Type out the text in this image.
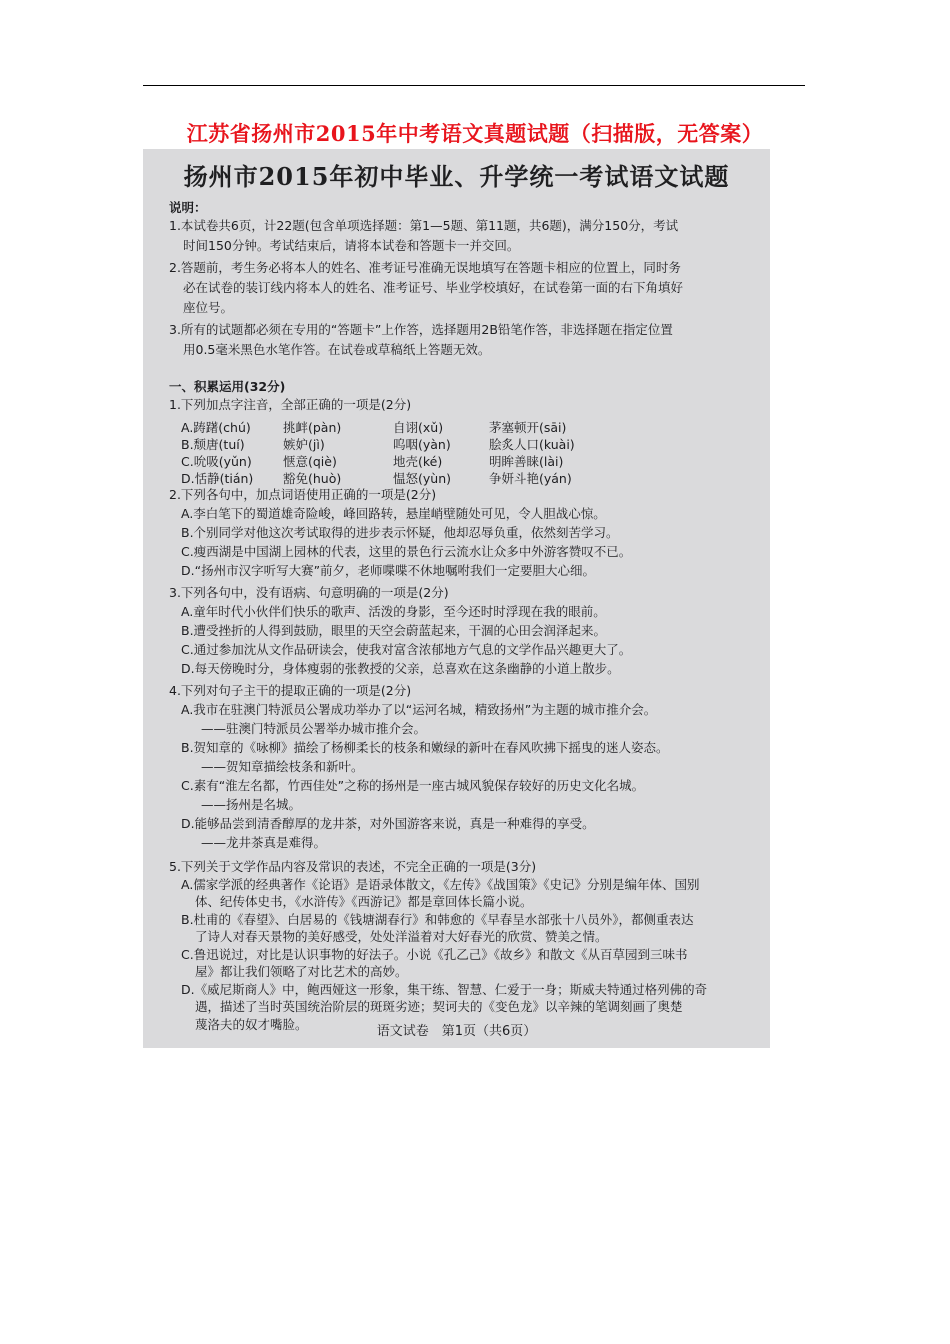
江苏省扬州市2015年中考语文真题试题（扫描版，无答案）
扬州市2015年初中毕业、升学统一考试语文试题
说明：
1.本试卷共6页，计22题(包含单项选择题：第1—5题、第11题，共6题)，满分150分，考试
时间150分钟。考试结束后，请将本试卷和答题卡一并交回。
2.答题前，考生务必将本人的姓名、准考证号准确无误地填写在答题卡相应的位置上，同时务
必在试卷的装订线内将本人的姓名、准考证号、毕业学校填好，在试卷第一面的右下角填好
座位号。
3.所有的试题都必须在专用的“答题卡”上作答，选择题用2B铅笔作答，非选择题在指定位置
用0.5毫米黑色水笔作答。在试卷或草稿纸上答题无效。
一、积累运用(32分)
1.下列加点字注音，全部正确的一项是(2分)
A.踌躇(chú)	挑衅(pàn)	自诩(xǔ)	茅塞顿开(sāi)
B.颓唐(tuí)	嫉妒(jì)	呜咽(yàn)	脍炙人口(kuài)
C.吮吸(yǔn)	惬意(qiè)	地壳(ké)	明眸善睐(lài)
D.恬静(tián) 豁免(huò)	愠怒(yùn)	争妍斗艳(yán)
2.下列各句中，加点词语使用正确的一项是(2分)
A.李白笔下的蜀道雄奇险峻，峰回路转，悬崖峭壁随处可见，令人胆战心惊。
B.个别同学对他这次考试取得的进步表示怀疑，他却忍辱负重，依然刻苦学习。
C.瘦西湖是中国湖上园林的代表，这里的景色行云流水让众多中外游客赞叹不已。
D.“扬州市汉字听写大赛”前夕，老师喋喋不休地嘱咐我们一定要胆大心细。
3.下列各句中，没有语病、句意明确的一项是(2分)
A.童年时代小伙伴们快乐的歌声、活泼的身影，至今还时时浮现在我的眼前。
B.遭受挫折的人得到鼓励，眼里的天空会蔚蓝起来，干涸的心田会润泽起来。
C.通过参加沈从文作品研读会，使我对富含浓郁地方气息的文学作品兴趣更大了。
D.每天傍晚时分，身体瘦弱的张教授的父亲，总喜欢在这条幽静的小道上散步。
4.下列对句子主干的提取正确的一项是(2分)
A.我市在驻澳门特派员公署成功举办了以“运河名城，精致扬州”为主题的城市推介会。
——驻澳门特派员公署举办城市推介会。
B.贺知章的《咏柳》描绘了杨柳柔长的枝条和嫩绿的新叶在春风吹拂下摇曳的迷人姿态。
——贺知章描绘枝条和新叶。
C.素有“淮左名都，竹西佳处”之称的扬州是一座古城风貌保存较好的历史文化名城。
——扬州是名城。
D.能够品尝到清香醇厚的龙井茶，对外国游客来说，真是一种难得的享受。
——龙井茶真是难得。
5.下列关于文学作品内容及常识的表述，不完全正确的一项是(3分)
A.儒家学派的经典著作《论语》是语录体散文，《左传》《战国策》《史记》分别是编年体、国别
体、纪传体史书，《水浒传》《西游记》都是章回体长篇小说。
B.杜甫的《春望》、白居易的《钱塘湖春行》和韩愈的《早春呈水部张十八员外》，都侧重表达
了诗人对春天景物的美好感受，处处洋溢着对大好春光的欣赏、赞美之情。
C.鲁迅说过，对比是认识事物的好法子。小说《孔乙己》《故乡》和散文《从百草园到三味书
屋》都让我们领略了对比艺术的高妙。
D.《威尼斯商人》中，鲍西娅这一形象，集干练、智慧、仁爱于一身；斯威夫特通过格列佛的奇
遇，描述了当时英国统治阶层的斑斑劣迹；契诃夫的《变色龙》以辛辣的笔调刻画了奥楚
蔑洛夫的奴才嘴脸。	语文试卷　第1页（共6页）
